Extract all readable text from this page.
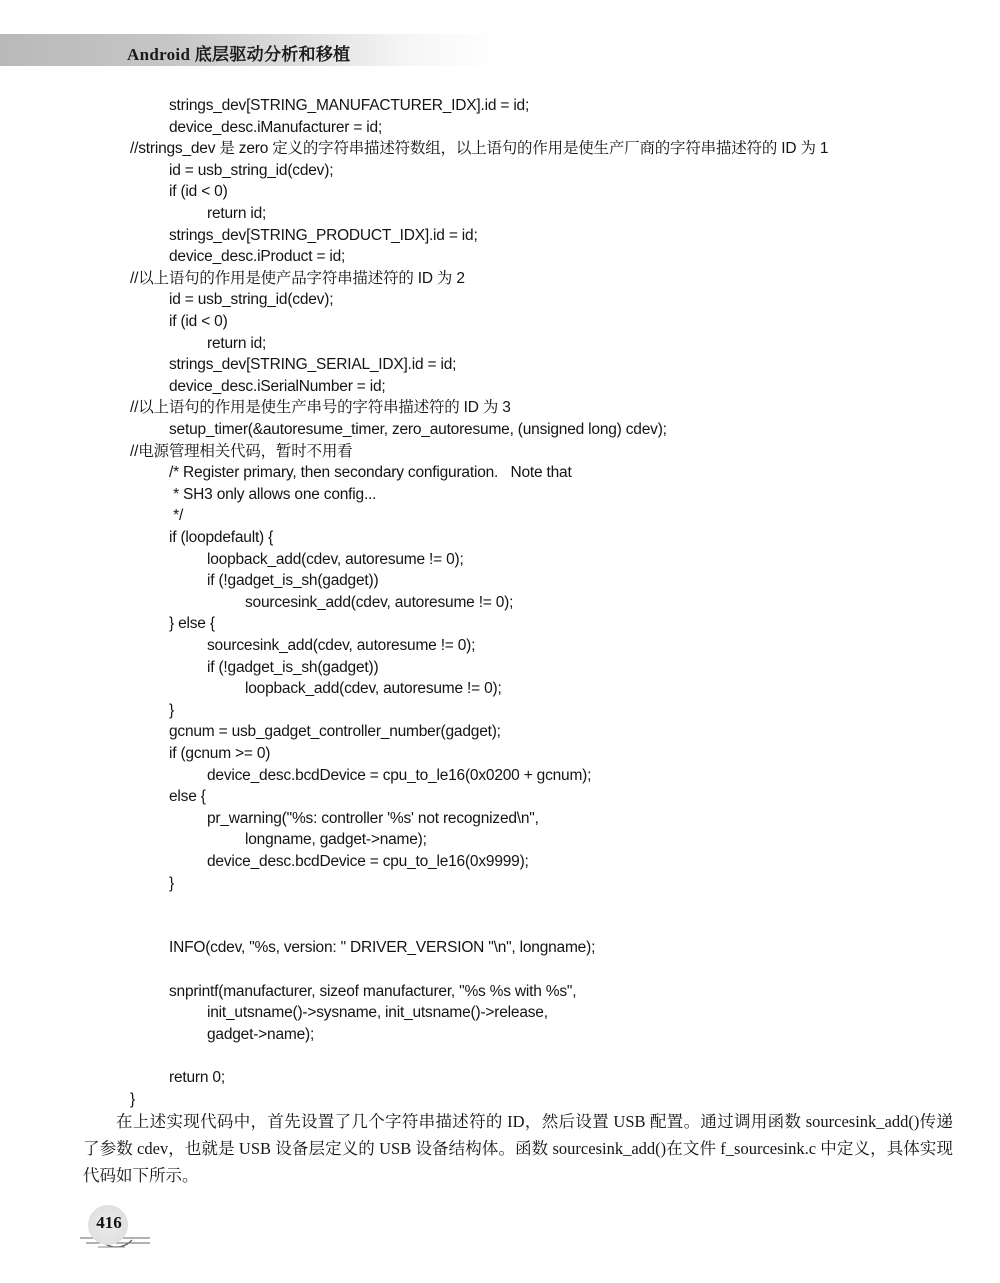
Android 底层驱动分析和移植
strings_dev[STRING_MANUFACTURER_IDX].id = id;
device_desc.iManufacturer = id;
//strings_dev 是 zero 定义的字符串描述符数组，以上语句的作用是使生产厂商的字符串描述符的 ID 为 1
id = usb_string_id(cdev);
if (id < 0)
return id;
strings_dev[STRING_PRODUCT_IDX].id = id;
device_desc.iProduct = id;
//以上语句的作用是使产品字符串描述符的 ID 为 2
id = usb_string_id(cdev);
if (id < 0)
return id;
strings_dev[STRING_SERIAL_IDX].id = id;
device_desc.iSerialNumber = id;
//以上语句的作用是使生产串号的字符串描述符的 ID 为 3
setup_timer(&autoresume_timer, zero_autoresume, (unsigned long) cdev);
//电源管理相关代码，暂时不用看
/* Register primary, then secondary configuration.   Note that
* SH3 only allows one config...
*/
if (loopdefault) {
loopback_add(cdev, autoresume != 0);
if (!gadget_is_sh(gadget))
sourcesink_add(cdev, autoresume != 0);
} else {
sourcesink_add(cdev, autoresume != 0);
if (!gadget_is_sh(gadget))
loopback_add(cdev, autoresume != 0);
}
gcnum = usb_gadget_controller_number(gadget);
if (gcnum >= 0)
device_desc.bcdDevice = cpu_to_le16(0x0200 + gcnum);
else {
pr_warning("%s: controller '%s' not recognized\n",
longname, gadget->name);
device_desc.bcdDevice = cpu_to_le16(0x9999);
}
INFO(cdev, "%s, version: " DRIVER_VERSION "\n", longname);
snprintf(manufacturer, sizeof manufacturer, "%s %s with %s",
init_utsname()->sysname, init_utsname()->release,
gadget->name);
return 0;
}

在上述实现代码中，首先设置了几个字符串描述符的 ID，然后设置 USB 配置。通过调用函数 sourcesink_add()传递了参数 cdev，也就是 USB 设备层定义的 USB 设备结构体。函数 sourcesink_add()在文件 f_sourcesink.c 中定义，具体实现代码如下所示。

416
